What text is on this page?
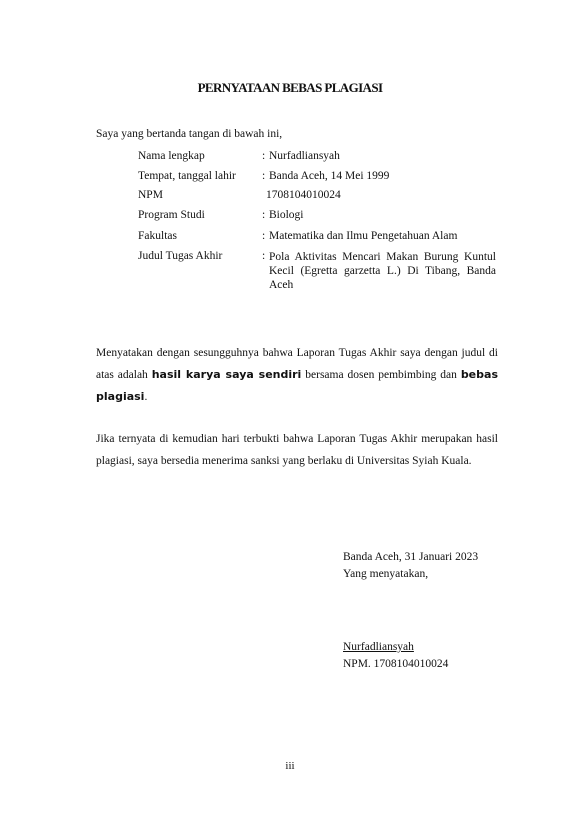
PERNYATAAN BEBAS PLAGIASI
Saya yang bertanda tangan di bawah ini,
Nama lengkap	: Nurfadliansyah
Tempat, tanggal lahir : Banda Aceh, 14 Mei 1999
NPM	1708104010024
Program Studi	: Biologi
Fakultas	: Matematika dan Ilmu Pengetahuan Alam
Judul Tugas Akhir	: Pola Aktivitas Mencari Makan Burung Kuntul Kecil (Egretta garzetta L.) Di Tibang, Banda Aceh
Menyatakan dengan sesungguhnya bahwa Laporan Tugas Akhir saya dengan judul di atas adalah hasil karya saya sendiri bersama dosen pembimbing dan bebas plagiasi.
Jika ternyata di kemudian hari terbukti bahwa Laporan Tugas Akhir merupakan hasil plagiasi, saya bersedia menerima sanksi yang berlaku di Universitas Syiah Kuala.
Banda Aceh, 31 Januari 2023
Yang menyatakan,
Nurfadliansyah
NPM. 1708104010024
iii
